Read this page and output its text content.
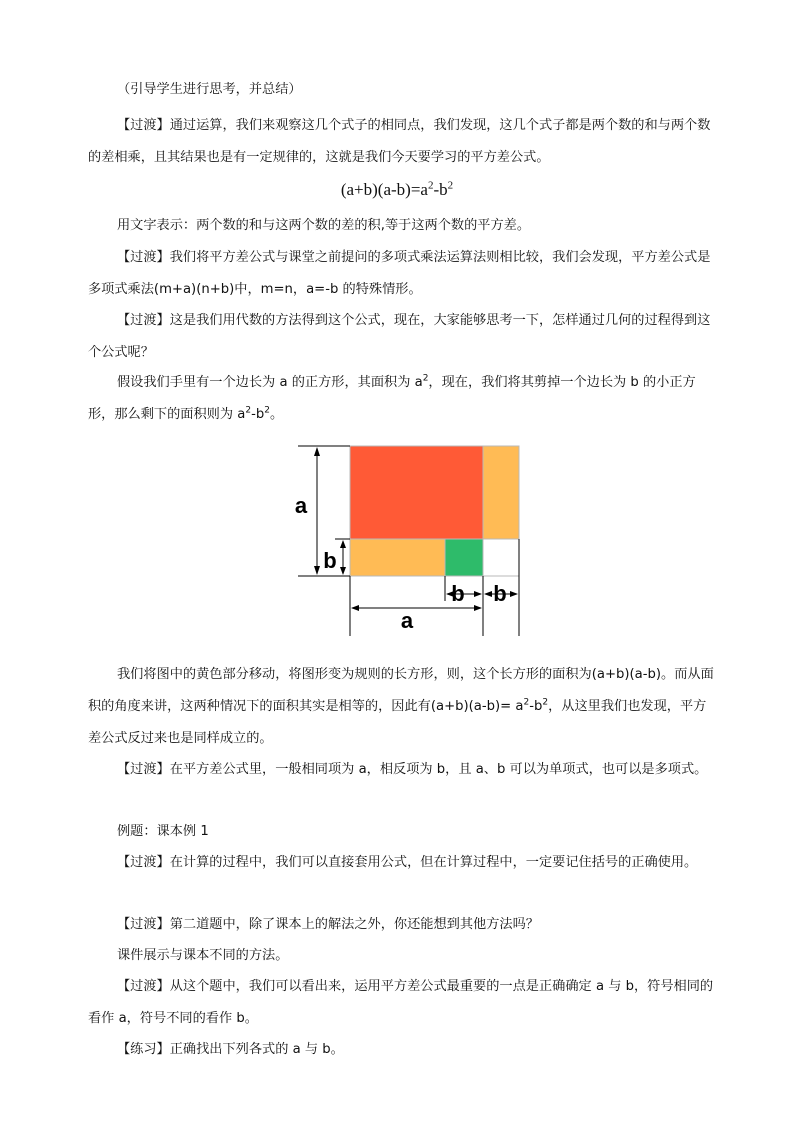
（引导学生进行思考，并总结）

【过渡】通过运算，我们来观察这几个式子的相同点，我们发现，这几个式子都是两个数的和与两个数的差相乘，且其结果也是有一定规律的，这就是我们今天要学习的平方差公式。

$(a+b)(a-b)=a^2-b^2$

用文字表示：两个数的和与这两个数的差的积,等于这两个数的平方差。

【过渡】我们将平方差公式与课堂之前提问的多项式乘法运算法则相比较，我们会发现，平方差公式是多项式乘法(m+a)(n+b)中，m=n，a=-b 的特殊情形。

【过渡】这是我们用代数的方法得到这个公式，现在，大家能够思考一下，怎样通过几何的过程得到这个公式呢？

假设我们手里有一个边长为 a 的正方形，其面积为 $a^2$，现在，我们将其剪掉一个边长为 b 的小正方形，那么剩下的面积则为 $a^2-b^2$。

a
b
b b
a

我们将图中的黄色部分移动，将图形变为规则的长方形，则，这个长方形的面积为(a+b)(a-b)。而从面积的角度来讲，这两种情况下的面积其实是相等的，因此有$(a+b)(a-b)= a^2-b^2$，从这里我们也发现，平方差公式反过来也是同样成立的。

【过渡】在平方差公式里，一般相同项为 a，相反项为 b，且 a、b 可以为单项式，也可以是多项式。

例题：课本例 1

【过渡】在计算的过程中，我们可以直接套用公式，但在计算过程中，一定要记住括号的正确使用。

【过渡】第二道题中，除了课本上的解法之外，你还能想到其他方法吗？

课件展示与课本不同的方法。

【过渡】从这个题中，我们可以看出来，运用平方差公式最重要的一点是正确确定 a 与 b，符号相同的看作 a，符号不同的看作 b。

【练习】正确找出下列各式的 a 与 b。
